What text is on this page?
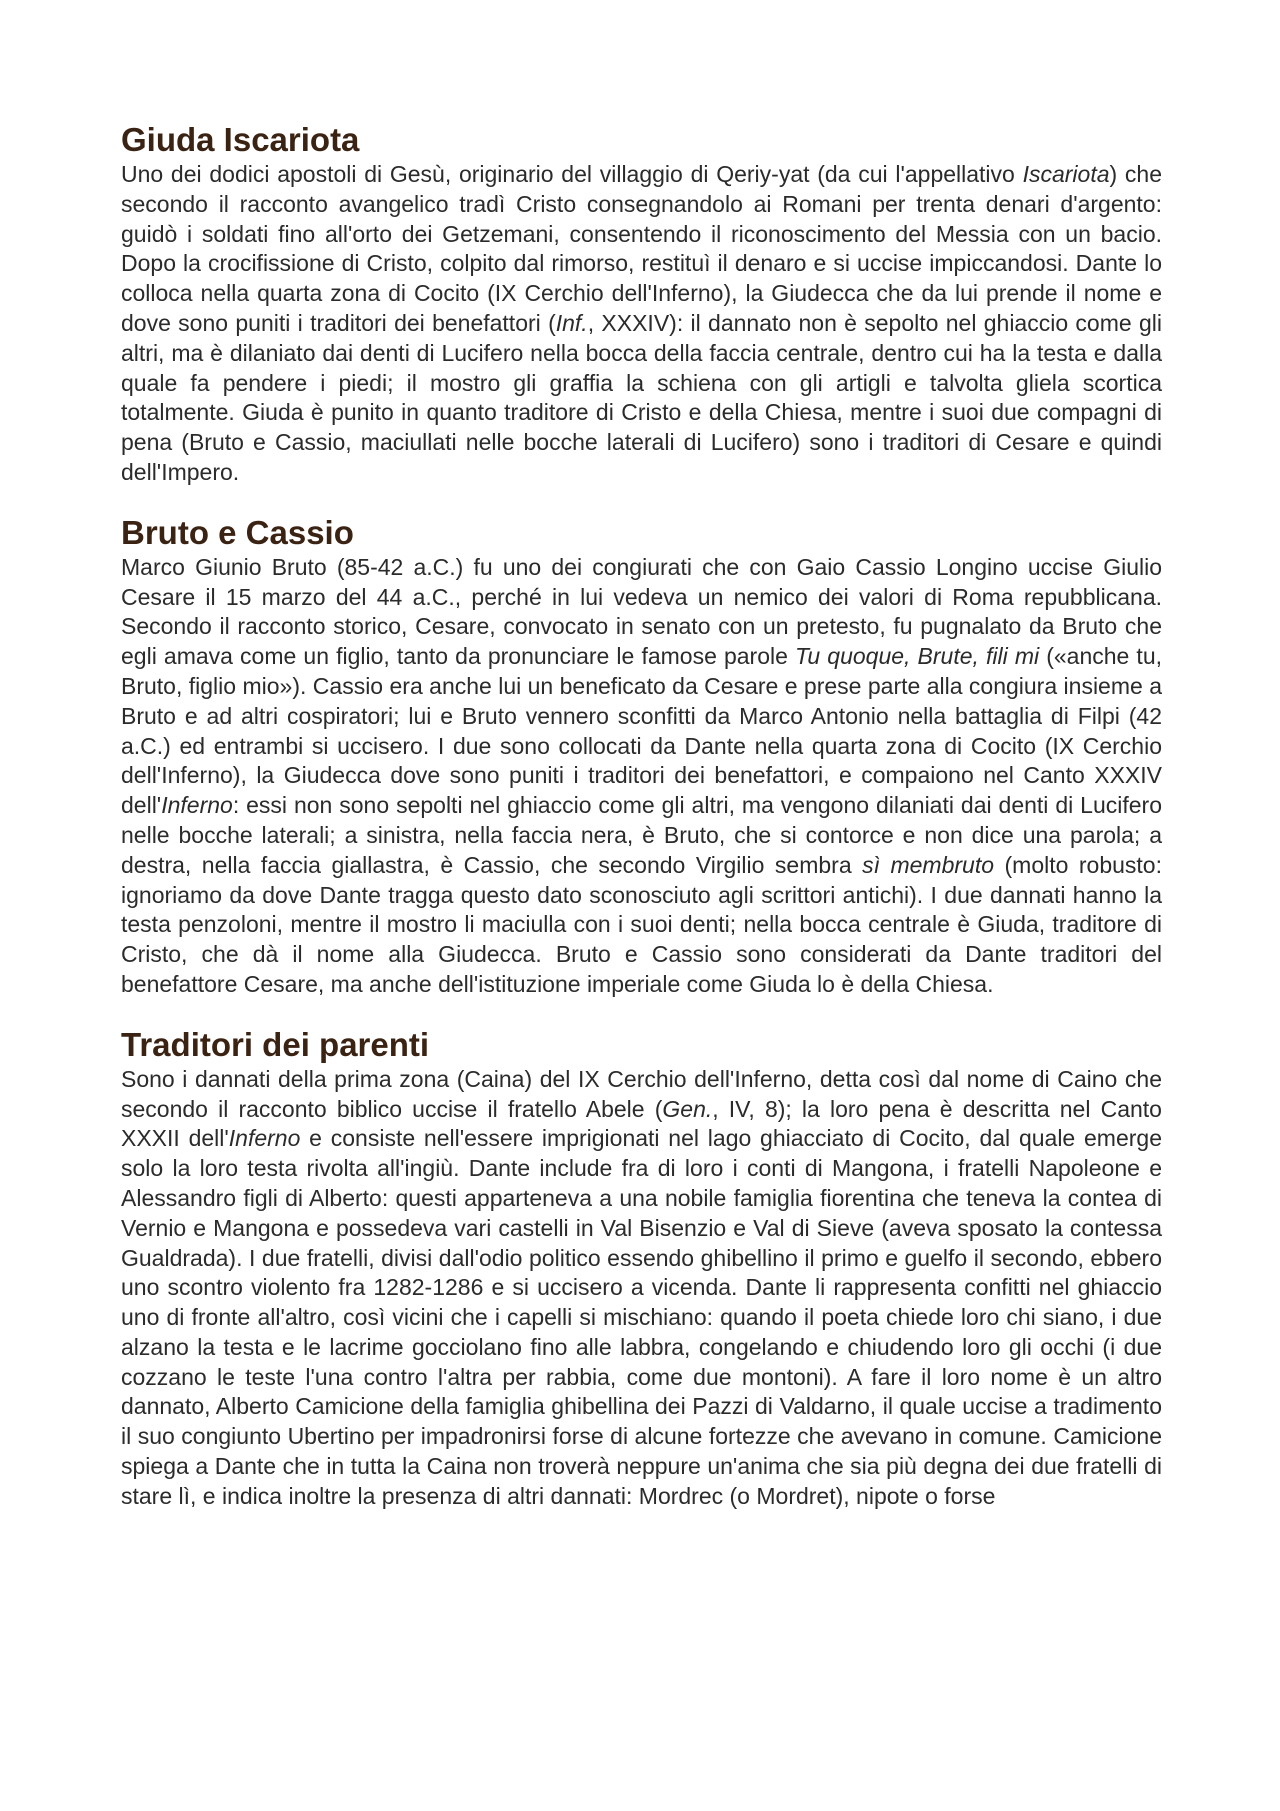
Giuda Iscariota

Uno dei dodici apostoli di Gesù, originario del villaggio di Qeriy-yat (da cui l'appellativo Iscariota) che secondo il racconto avangelico tradì Cristo consegnandolo ai Romani per trenta denari d'argento: guidò i soldati fino all'orto dei Getzemani, consentendo il riconoscimento del Messia con un bacio. Dopo la crocifissione di Cristo, colpito dal rimorso, restituì il denaro e si uccise impiccandosi. Dante lo colloca nella quarta zona di Cocito (IX Cerchio dell'Inferno), la Giudecca che da lui prende il nome e dove sono puniti i traditori dei benefattori (Inf., XXXIV): il dannato non è sepolto nel ghiaccio come gli altri, ma è dilaniato dai denti di Lucifero nella bocca della faccia centrale, dentro cui ha la testa e dalla quale fa pendere i piedi; il mostro gli graffia la schiena con gli artigli e talvolta gliela scortica totalmente. Giuda è punito in quanto traditore di Cristo e della Chiesa, mentre i suoi due compagni di pena (Bruto e Cassio, maciullati nelle bocche laterali di Lucifero) sono i traditori di Cesare e quindi dell'Impero.

Bruto e Cassio

Marco Giunio Bruto (85-42 a.C.) fu uno dei congiurati che con Gaio Cassio Longino uccise Giulio Cesare il 15 marzo del 44 a.C., perché in lui vedeva un nemico dei valori di Roma repubblicana. Secondo il racconto storico, Cesare, convocato in senato con un pretesto, fu pugnalato da Bruto che egli amava come un figlio, tanto da pronunciare le famose parole Tu quoque, Brute, fili mi («anche tu, Bruto, figlio mio»). Cassio era anche lui un beneficato da Cesare e prese parte alla congiura insieme a Bruto e ad altri cospiratori; lui e Bruto vennero sconfitti da Marco Antonio nella battaglia di Filpi (42 a.C.) ed entrambi si uccisero. I due sono collocati da Dante nella quarta zona di Cocito (IX Cerchio dell'Inferno), la Giudecca dove sono puniti i traditori dei benefattori, e compaiono nel Canto XXXIV dell'Inferno: essi non sono sepolti nel ghiaccio come gli altri, ma vengono dilaniati dai denti di Lucifero nelle bocche laterali; a sinistra, nella faccia nera, è Bruto, che si contorce e non dice una parola; a destra, nella faccia giallastra, è Cassio, che secondo Virgilio sembra sì membruto (molto robusto: ignoriamo da dove Dante tragga questo dato sconosciuto agli scrittori antichi). I due dannati hanno la testa penzoloni, mentre il mostro li maciulla con i suoi denti; nella bocca centrale è Giuda, traditore di Cristo, che dà il nome alla Giudecca. Bruto e Cassio sono considerati da Dante traditori del benefattore Cesare, ma anche dell'istituzione imperiale come Giuda lo è della Chiesa.

Traditori dei parenti

Sono i dannati della prima zona (Caina) del IX Cerchio dell'Inferno, detta così dal nome di Caino che secondo il racconto biblico uccise il fratello Abele (Gen., IV, 8); la loro pena è descritta nel Canto XXXII dell'Inferno e consiste nell'essere imprigionati nel lago ghiacciato di Cocito, dal quale emerge solo la loro testa rivolta all'ingiù. Dante include fra di loro i conti di Mangona, i fratelli Napoleone e Alessandro figli di Alberto: questi apparteneva a una nobile famiglia fiorentina che teneva la contea di Vernio e Mangona e possedeva vari castelli in Val Bisenzio e Val di Sieve (aveva sposato la contessa Gualdrada). I due fratelli, divisi dall'odio politico essendo ghibellino il primo e guelfo il secondo, ebbero uno scontro violento fra 1282-1286 e si uccisero a vicenda. Dante li rappresenta confitti nel ghiaccio uno di fronte all'altro, così vicini che i capelli si mischiano: quando il poeta chiede loro chi siano, i due alzano la testa e le lacrime gocciolano fino alle labbra, congelando e chiudendo loro gli occhi (i due cozzano le teste l'una contro l'altra per rabbia, come due montoni). A fare il loro nome è un altro dannato, Alberto Camicione della famiglia ghibellina dei Pazzi di Valdarno, il quale uccise a tradimento il suo congiunto Ubertino per impadronirsi forse di alcune fortezze che avevano in comune. Camicione spiega a Dante che in tutta la Caina non troverà neppure un'anima che sia più degna dei due fratelli di stare lì, e indica inoltre la presenza di altri dannati: Mordrec (o Mordret), nipote o forse
